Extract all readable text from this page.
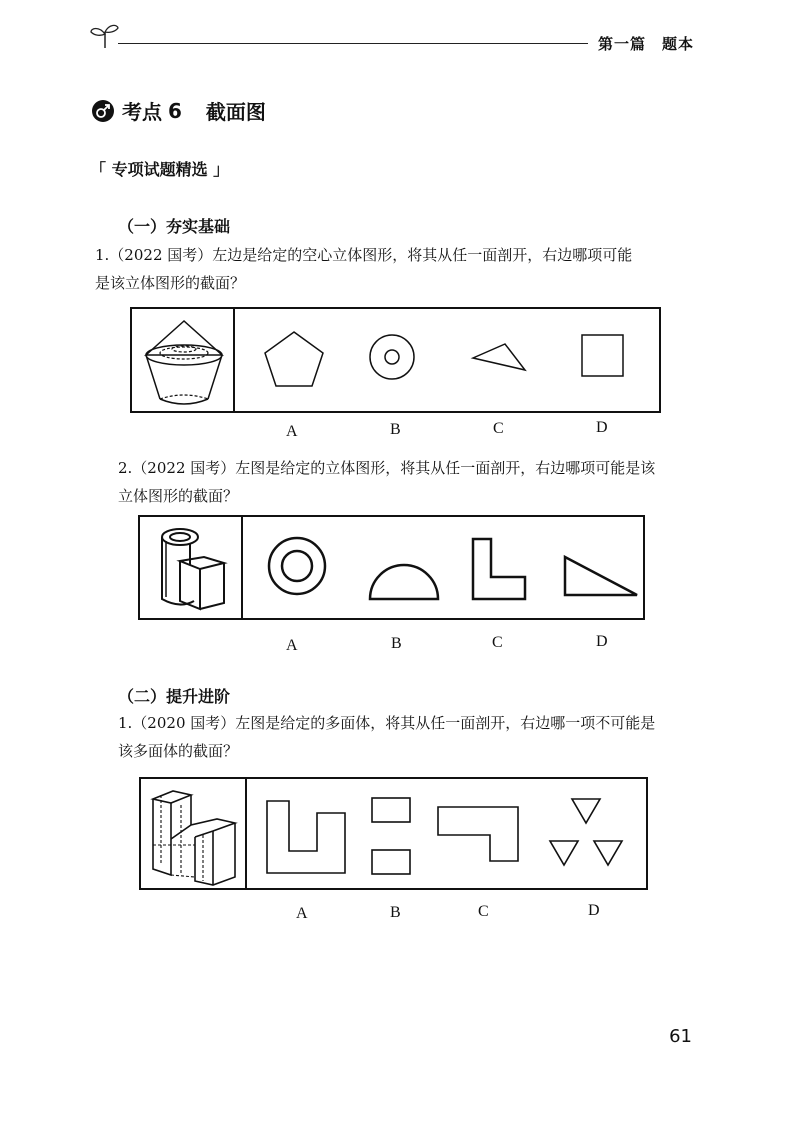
第一篇　题本
考点 6 截面图
「 专项试题精选 」
（一）夯实基础
1.（2022 国考）左边是给定的空心立体图形，将其从任一面剖开，右边哪项可能
是该立体图形的截面？
A	B	C	D
2.（2022 国考）左图是给定的立体图形，将其从任一面剖开，右边哪项可能是该
立体图形的截面？
A	B	C	D
（二）提升进阶
1.（2020 国考）左图是给定的多面体，将其从任一面剖开，右边哪一项不可能是
该多面体的截面？
A	B	C	D
61
